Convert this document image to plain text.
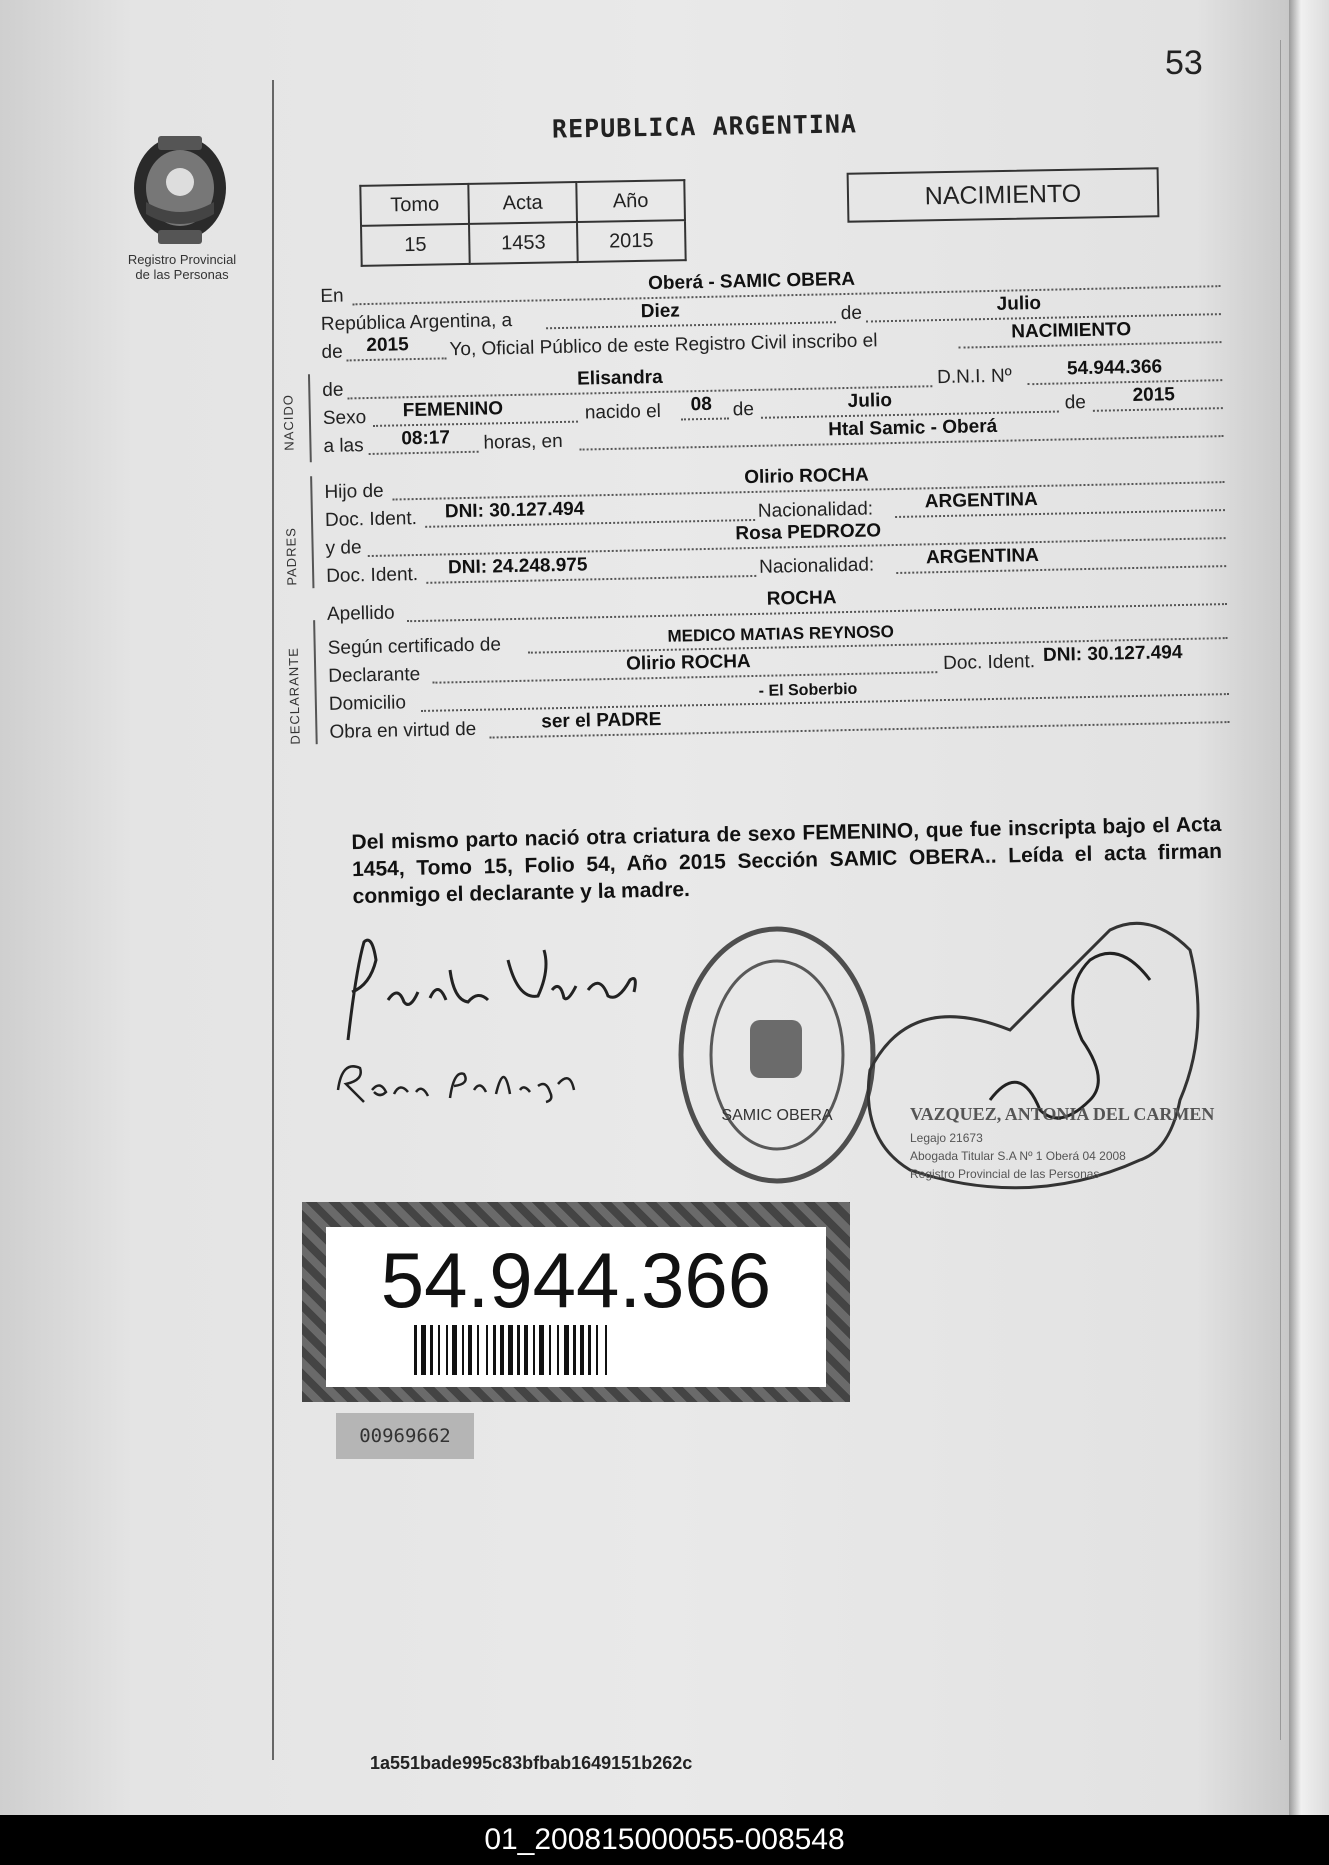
53
REPUBLICA ARGENTINA
Registro Provincial
de las Personas
Tomo	Acta	Año
15	1453	2015
NACIMIENTO
En
Oberá - SAMIC OBERA
República Argentina, a	Diez	de	Julio
de 2015 Yo, Oficial Público de este Registro Civil inscribo el	NACIMIENTO
de
Elisandra	D.N.I. Nº	54.944.366
Sexo FEMENINO	nacido el 08 de	Julio	de 2015
a las 08:17 horas, en
Htal Samic - Oberá
Hijo de
Olirio ROCHA
Doc. Ident. DNI: 30.127.494	Nacionalidad:	ARGENTINA
y de
Rosa PEDROZO
Doc. Ident. DNI: 24.248.975	Nacionalidad:	ARGENTINA
Apellido
ROCHA
Según certificado de
MEDICO MATIAS REYNOSO
Declarante
Olirio ROCHA	Doc. Ident. DNI: 30.127.494
Domicilio
- El Soberbio
Obra en virtud de	ser el PADRE
NACIDO
PADRES
DECLARANTE
Del mismo parto nació otra criatura de sexo FEMENINO, que fue inscripta bajo el Acta 1454, Tomo 15, Folio 54, Año 2015 Sección SAMIC OBERA.. Leída el acta firman conmigo el declarante y la madre.
SAMIC OBERA	VAZQUEZ, ANTONIA DEL CARMEN
Legajo 21673
Abogada Titular S.A Nº 1 Oberá 04 2008
Registro Provincial de las Personas
54.944.366
00969662
1a551bade995c83bfbab1649151b262c
01_200815000055-008548
